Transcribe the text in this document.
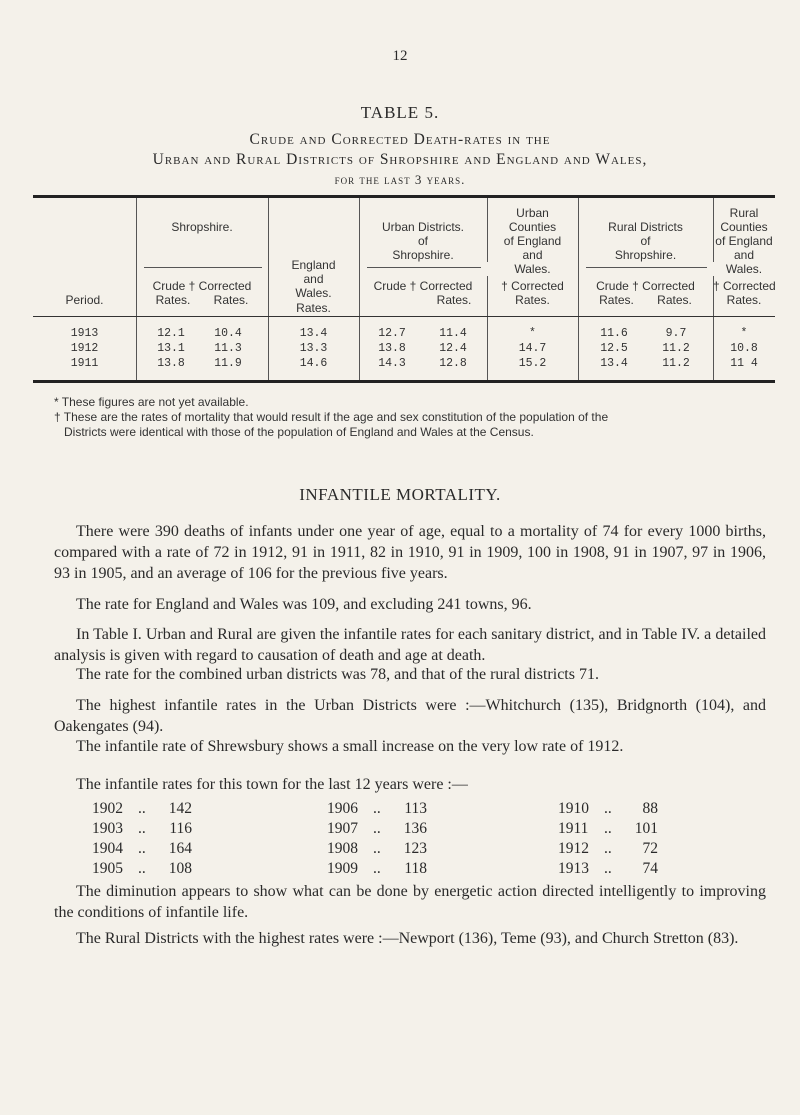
12
TABLE 5.
Crude and Corrected Death-rates in the
Urban and Rural Districts of Shropshire and England and Wales,
for the last 3 years.
Period.
Shropshire.
Crude † Corrected
Rates.       Rates.
England
and
Wales.
Rates.
Urban Districts.
of
Shropshire.
Crude † Corrected
Rates.
Urban
Counties
of England
and
Wales.
† Corrected
Rates.
Rural Districts
of
Shropshire.
Crude † Corrected
Rates.       Rates.
Rural
Counties
of England
and
Wales.
† Corrected
Rates.
1913	12.1	10.4	13.4	12.7	11.4	*	11.6	9.7	*
1912	13.1	11.3	13.3	13.8	12.4	14.7	12.5	11.2	10.8
1911	13.8	11.9	14.6	14.3	12.8	15.2	13.4	11.2	11 4

* These figures are not yet available.

† These are the rates of mortality that would result if the age and sex constitution of the population of the

Districts were identical with those of the population of England and Wales at the Census.

INFANTILE MORTALITY.

There were 390 deaths of infants under one year of age, equal to a mortality of 74 for every 1000 births, compared with a rate of 72 in 1912, 91 in 1911, 82 in 1910, 91 in 1909, 100 in 1908, 91 in 1907, 97 in 1906, 93 in 1905, and an average of 106 for the previous five years.

The rate for England and Wales was 109, and excluding 241 towns, 96.

In Table I. Urban and Rural are given the infantile rates for each sanitary district, and in Table IV. a detailed analysis is given with regard to causation of death and age at death.

The rate for the combined urban districts was 78, and that of the rural districts 71.

The highest infantile rates in the Urban Districts were :—Whitchurch (135), Bridgnorth (104), and Oakengates (94).

The infantile rate of Shrewsbury shows a small increase on the very low rate of 1912.

The infantile rates for this town for the last 12 years were :—

1902 .. 142	1906 .. 113	1910 .. 88
1903 .. 116	1907 .. 136	1911 .. 101
1904 .. 164	1908 .. 123	1912 .. 72
1905 .. 108	1909 .. 118	1913 .. 74

The diminution appears to show what can be done by energetic action directed intelligently to improving the conditions of infantile life.

The Rural Districts with the highest rates were :—Newport (136), Teme (93), and Church Stretton (83).
